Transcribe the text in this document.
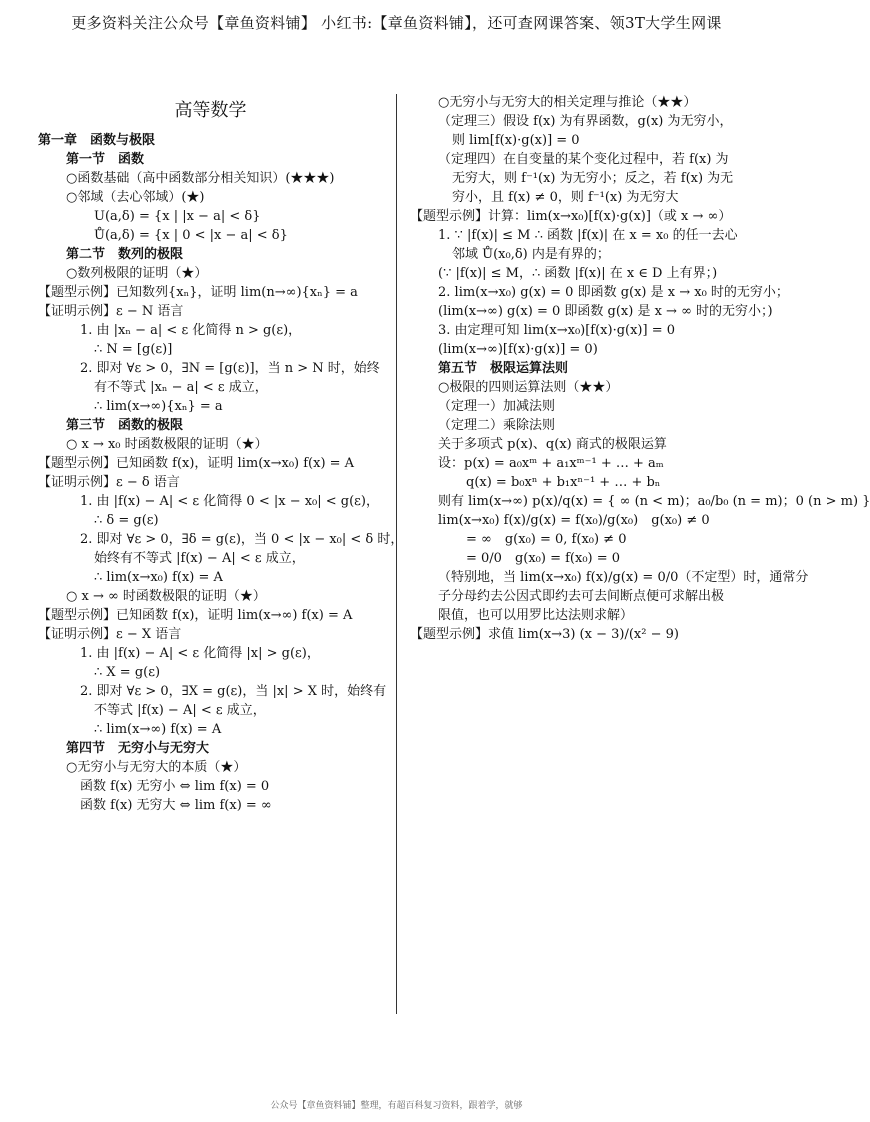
更多资料关注公众号【章鱼资料铺】 小红书:【章鱼资料铺】，还可查网课答案、领3T大学生网课
高等数学
第一章　函数与极限
第一节　函数
○函数基础（高中函数部分相关知识）(★★★)
○邻域（去心邻域）(★)
U(a,δ) = {x | |x − a| < δ}
Ů(a,δ) = {x | 0 < |x − a| < δ}
第二节　数列的极限
○数列极限的证明（★）
【题型示例】已知数列{xₙ}，证明 lim(n→∞){xₙ} = a
【证明示例】ε − N 语言
1. 由 |xₙ − a| < ε 化简得 n > g(ε)，
∴ N = [g(ε)]
2. 即对 ∀ε > 0，∃N = [g(ε)]，当 n > N 时，始终
有不等式 |xₙ − a| < ε 成立，
∴ lim(x→∞){xₙ} = a
第三节　函数的极限
○ x → x₀ 时函数极限的证明（★）
【题型示例】已知函数 f(x)，证明 lim(x→x₀) f(x) = A
【证明示例】ε − δ 语言
1. 由 |f(x) − A| < ε 化简得 0 < |x − x₀| < g(ε)，
∴ δ = g(ε)
2. 即对 ∀ε > 0，∃δ = g(ε)，当 0 < |x − x₀| < δ 时，
始终有不等式 |f(x) − A| < ε 成立，
∴ lim(x→x₀) f(x) = A
○ x → ∞ 时函数极限的证明（★）
【题型示例】已知函数 f(x)，证明 lim(x→∞) f(x) = A
【证明示例】ε − X 语言
1. 由 |f(x) − A| < ε 化简得 |x| > g(ε)，
∴ X = g(ε)
2. 即对 ∀ε > 0，∃X = g(ε)，当 |x| > X 时，始终有
不等式 |f(x) − A| < ε 成立，
∴ lim(x→∞) f(x) = A
第四节　无穷小与无穷大
○无穷小与无穷大的本质（★）
函数 f(x) 无穷小 ⇔ lim f(x) = 0
函数 f(x) 无穷大 ⇔ lim f(x) = ∞
○无穷小与无穷大的相关定理与推论（★★）
（定理三）假设 f(x) 为有界函数，g(x) 为无穷小，
则 lim[f(x)·g(x)] = 0
（定理四）在自变量的某个变化过程中，若 f(x) 为
无穷大，则 f⁻¹(x) 为无穷小；反之，若 f(x) 为无
穷小，且 f(x) ≠ 0，则 f⁻¹(x) 为无穷大
【题型示例】计算：lim(x→x₀)[f(x)·g(x)]（或 x → ∞）
1. ∵ |f(x)| ≤ M ∴ 函数 |f(x)| 在 x = x₀ 的任一去心
邻域 Ů(x₀,δ) 内是有界的；
(∵ |f(x)| ≤ M，∴ 函数 |f(x)| 在 x ∈ D 上有界；)
2. lim(x→x₀) g(x) = 0 即函数 g(x) 是 x → x₀ 时的无穷小；
(lim(x→∞) g(x) = 0 即函数 g(x) 是 x → ∞ 时的无穷小；)
3. 由定理可知 lim(x→x₀)[f(x)·g(x)] = 0
(lim(x→∞)[f(x)·g(x)] = 0)
第五节　极限运算法则
○极限的四则运算法则（★★）
（定理一）加减法则
（定理二）乘除法则
关于多项式 p(x)、q(x) 商式的极限运算
设：p(x) = a₀xᵐ + a₁xᵐ⁻¹ + … + aₘ
q(x) = b₀xⁿ + b₁xⁿ⁻¹ + … + bₙ
则有 lim(x→∞) p(x)/q(x) = { ∞ (n < m)；a₀/b₀ (n = m)；0 (n > m) }
lim(x→x₀) f(x)/g(x) = f(x₀)/g(x₀)　g(x₀) ≠ 0
= ∞　g(x₀) = 0, f(x₀) ≠ 0
= 0/0　g(x₀) = f(x₀) = 0
（特别地，当 lim(x→x₀) f(x)/g(x) = 0/0（不定型）时，通常分
子分母约去公因式即约去可去间断点便可求解出极
限值，也可以用罗比达法则求解）
【题型示例】求值 lim(x→3) (x − 3)/(x² − 9)
公众号【章鱼资料铺】整理，有超百科复习资料，跟着学，就够
